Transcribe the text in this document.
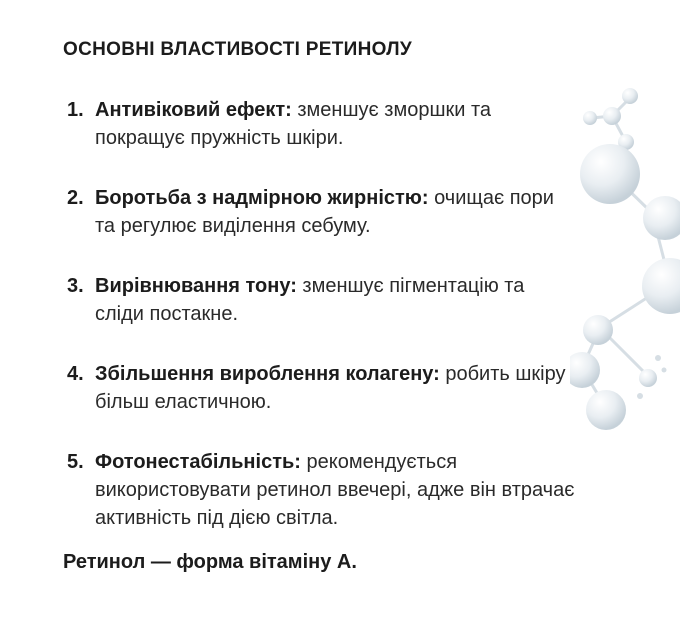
ОСНОВНІ ВЛАСТИВОСТІ РЕТИНОЛУ
1. Антивіковий ефект: зменшує зморшки та покращує пружність шкіри.
2. Боротьба з надмірною жирністю: очищає пори та регулює виділення себуму.
3. Вирівнювання тону: зменшує пігментацію та сліди постакне.
4. Збільшення вироблення колагену: робить шкіру більш еластичною.
5. Фотонестабільність: рекомендується використовувати ретинол ввечері, адже він втрачає активність під дією світла.

Ретинол — форма вітаміну А.
